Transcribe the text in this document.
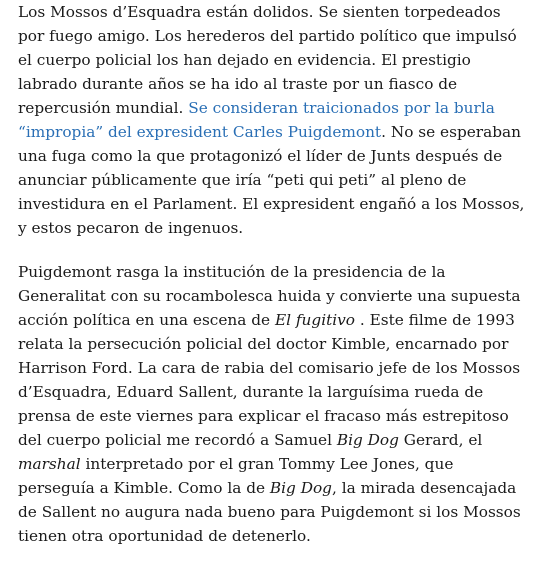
Los Mossos d’Esquadra están dolidos. Se sienten torpedeados
por fuego amigo. Los herederos del partido político que impulsó
el cuerpo policial los han dejado en evidencia. El prestigio
labrado durante años se ha ido al traste por un fiasco de
repercusión mundial. Se consideran traicionados por la burla
“impropia” del expresident Carles Puigdemont. No se esperaban
una fuga como la que protagonizó el líder de Junts después de
anunciar públicamente que iría “peti qui peti” al pleno de
investidura en el Parlament. El expresident engañó a los Mossos,
y estos pecaron de ingenuos.

Puigdemont rasga la institución de la presidencia de la
Generalitat con su rocambolesca huida y convierte una supuesta
acción política en una escena de El fugitivo . Este filme de 1993
relata la persecución policial del doctor Kimble, encarnado por
Harrison Ford. La cara de rabia del comisario jefe de los Mossos
d’Esquadra, Eduard Sallent, durante la larguísima rueda de
prensa de este viernes para explicar el fracaso más estrepitoso
del cuerpo policial me recordó a Samuel Big Dog Gerard, el
marshal interpretado por el gran Tommy Lee Jones, que
perseguía a Kimble. Como la de Big Dog, la mirada desencajada
de Sallent no augura nada bueno para Puigdemont si los Mossos
tienen otra oportunidad de detenerlo.
